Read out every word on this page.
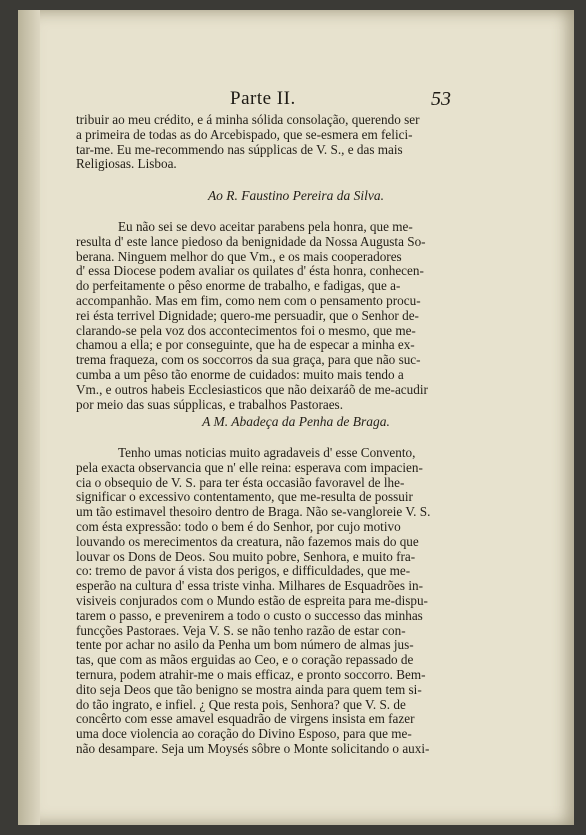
Parte II.	53
tribuir ao meu crédito, e á minha sólida consolação, querendo ser
a primeira de todas as do Arcebispado, que se-esmera em felici-
tar-me. Eu me-recommendo nas súpplicas de V. S., e das mais
Religiosas. Lisboa.
Ao R. Faustino Pereira da Silva.
Eu não sei se devo aceitar parabens pela honra, que me-
resulta d' este lance piedoso da benignidade da Nossa Augusta So-
berana. Ninguem melhor do que Vm., e os mais cooperadores
d' essa Diocese podem avaliar os quilates d' ésta honra, conhecen-
do perfeitamente o pêso enorme de trabalho, e fadigas, que a-
accompanhão. Mas em fim, como nem com o pensamento procu-
rei ésta terrivel Dignidade; quero-me persuadir, que o Senhor de-
clarando-se pela voz dos accontecimentos foi o mesmo, que me-
chamou a ella; e por conseguinte, que ha de especar a minha ex-
trema fraqueza, com os soccorros da sua graça, para que não suc-
cumba a um pêso tão enorme de cuidados: muito mais tendo a
Vm., e outros habeis Ecclesiasticos que não deixaráõ de me-acudir
por meio das suas súpplicas, e trabalhos Pastoraes.
A M. Abadeça da Penha de Braga.
Tenho umas noticias muito agradaveis d' esse Convento,
pela exacta observancia que n' elle reina: esperava com impacien-
cia o obsequio de V. S. para ter ésta occasião favoravel de lhe-
significar o excessivo contentamento, que me-resulta de possuir
um tão estimavel thesoiro dentro de Braga. Não se-vangloreie V. S.
com ésta expressão: todo o bem é do Senhor, por cujo motivo
louvando os merecimentos da creatura, não fazemos mais do que
louvar os Dons de Deos. Sou muito pobre, Senhora, e muito fra-
co: tremo de pavor á vista dos perigos, e difficuldades, que me-
esperão na cultura d' essa triste vinha. Milhares de Esquadrões in-
visiveis conjurados com o Mundo estão de espreita para me-dispu-
tarem o passo, e prevenirem a todo o custo o successo das minhas
funcções Pastoraes. Veja V. S. se não tenho razão de estar con-
tente por achar no asilo da Penha um bom número de almas jus-
tas, que com as mãos erguidas ao Ceo, e o coração repassado de
ternura, podem atrahir-me o mais efficaz, e pronto soccorro. Bem-
dito seja Deos que tão benigno se mostra ainda para quem tem si-
do tão ingrato, e infiel. ¿ Que resta pois, Senhora? que V. S. de
concêrto com esse amavel esquadrão de virgens insista em fazer
uma doce violencia ao coração do Divino Esposo, para que me-
não desampare. Seja um Moysés sôbre o Monte solicitando o auxi-
